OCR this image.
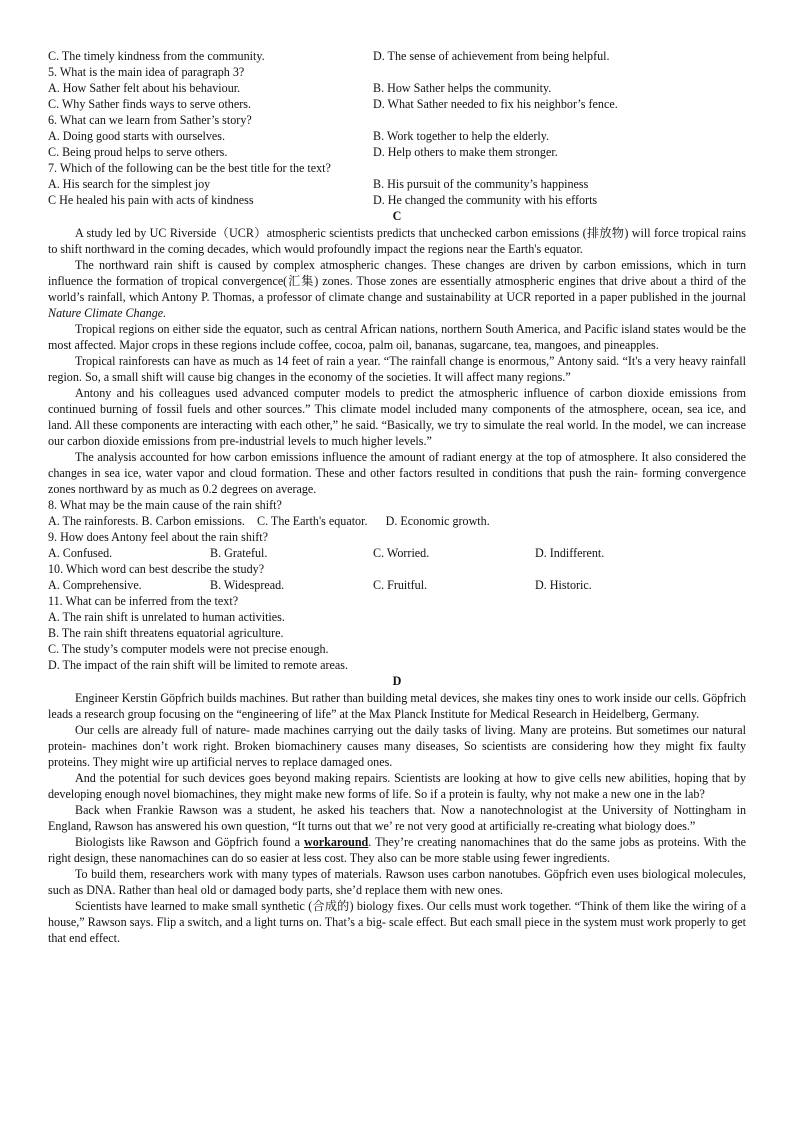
C. The timely kindness from the community.	D. The sense of achievement from being helpful.
5. What is the main idea of paragraph 3?
A. How Sather felt about his behaviour.	B. How Sather helps the community.
C. Why Sather finds ways to serve others.	D. What Sather needed to fix his neighbor’s fence.
6. What can we learn from Sather’s story?
A. Doing good starts with ourselves.	B. Work together to help the elderly.
C. Being proud helps to serve others.	D. Help others to make them stronger.
7. Which of the following can be the best title for the text?
A. His search for the simplest joy	B. His pursuit of the community’s happiness
C He healed his pain with acts of kindness	D. He changed the community with his efforts
C

A study led by UC Riverside（UCR）atmospheric scientists predicts that unchecked carbon emissions (排放物) will force tropical rains to shift northward in the coming decades, which would profoundly impact the regions near the Earth's equator.

The northward rain shift is caused by complex atmospheric changes. These changes are driven by carbon emissions, which in turn influence the formation of tropical convergence(汇集) zones. Those zones are essentially atmospheric engines that drive about a third of the world’s rainfall, which Antony P. Thomas, a professor of climate change and sustainability at UCR reported in a paper published in the journal Nature Climate Change.

Tropical regions on either side the equator, such as central African nations, northern South America, and Pacific island states would be the most affected. Major crops in these regions include coffee, cocoa, palm oil, bananas, sugarcane, tea, mangoes, and pineapples.

Tropical rainforests can have as much as 14 feet of rain a year. “The rainfall change is enormous,” Antony said. “It's a very heavy rainfall region. So, a small shift will cause big changes in the economy of the societies. It will affect many regions.”

Antony and his colleagues used advanced computer models to predict the atmospheric influence of carbon dioxide emissions from continued burning of fossil fuels and other sources.” This climate model included many components of the atmosphere, ocean, sea ice, and land. All these components are interacting with each other,” he said. “Basically, we try to simulate the real world. In the model, we can increase our carbon dioxide emissions from pre-industrial levels to much higher levels.”

The analysis accounted for how carbon emissions influence the amount of radiant energy at the top of atmosphere. It also considered the changes in sea ice, water vapor and cloud formation. These and other factors resulted in conditions that push the rain- forming convergence zones northward by as much as 0.2 degrees on average.

8. What may be the main cause of the rain shift?
A. The rainforests. B. Carbon emissions.    C. The Earth's equator.      D. Economic growth.
9. How does Antony feel about the rain shift?
A. Confused.	B. Grateful.	C. Worried.	D. Indifferent.
10. Which word can best describe the study?
A. Comprehensive.	B. Widespread.	C. Fruitful.	D. Historic.
11. What can be inferred from the text?
A. The rain shift is unrelated to human activities.
B. The rain shift threatens equatorial agriculture.
C. The study’s computer models were not precise enough.
D. The impact of the rain shift will be limited to remote areas.
D

Engineer Kerstin Göpfrich builds machines. But rather than building metal devices, she makes tiny ones to work inside our cells. Göpfrich leads a research group focusing on the “engineering of life” at the Max Planck Institute for Medical Research in Heidelberg, Germany.

Our cells are already full of nature- made machines carrying out the daily tasks of living. Many are proteins. But sometimes our natural protein- machines don’t work right. Broken biomachinery causes many diseases, So scientists are considering how they might fix faulty proteins. They might wire up artificial nerves to replace damaged ones.

And the potential for such devices goes beyond making repairs. Scientists are looking at how to give cells new abilities, hoping that by developing enough novel biomachines, they might make new forms of life. So if a protein is faulty, why not make a new one in the lab?

Back when Frankie Rawson was a student, he asked his teachers that. Now a nanotechnologist at the University of Nottingham in England, Rawson has answered his own question, “It turns out that we’ re not very good at artificially re-creating what biology does.”

Biologists like Rawson and Göpfrich found a workaround. They’re creating nanomachines that do the same jobs as proteins. With the right design, these nanomachines can do so easier at less cost. They also can be more stable using fewer ingredients.

To build them, researchers work with many types of materials. Rawson uses carbon nanotubes. Göpfrich even uses biological molecules, such as DNA. Rather than heal old or damaged body parts, she’d replace them with new ones.

Scientists have learned to make small synthetic (合成的) biology fixes. Our cells must work together. “Think of them like the wiring of a house,” Rawson says. Flip a switch, and a light turns on. That’s a big- scale effect. But each small piece in the system must work properly to get that end effect.
